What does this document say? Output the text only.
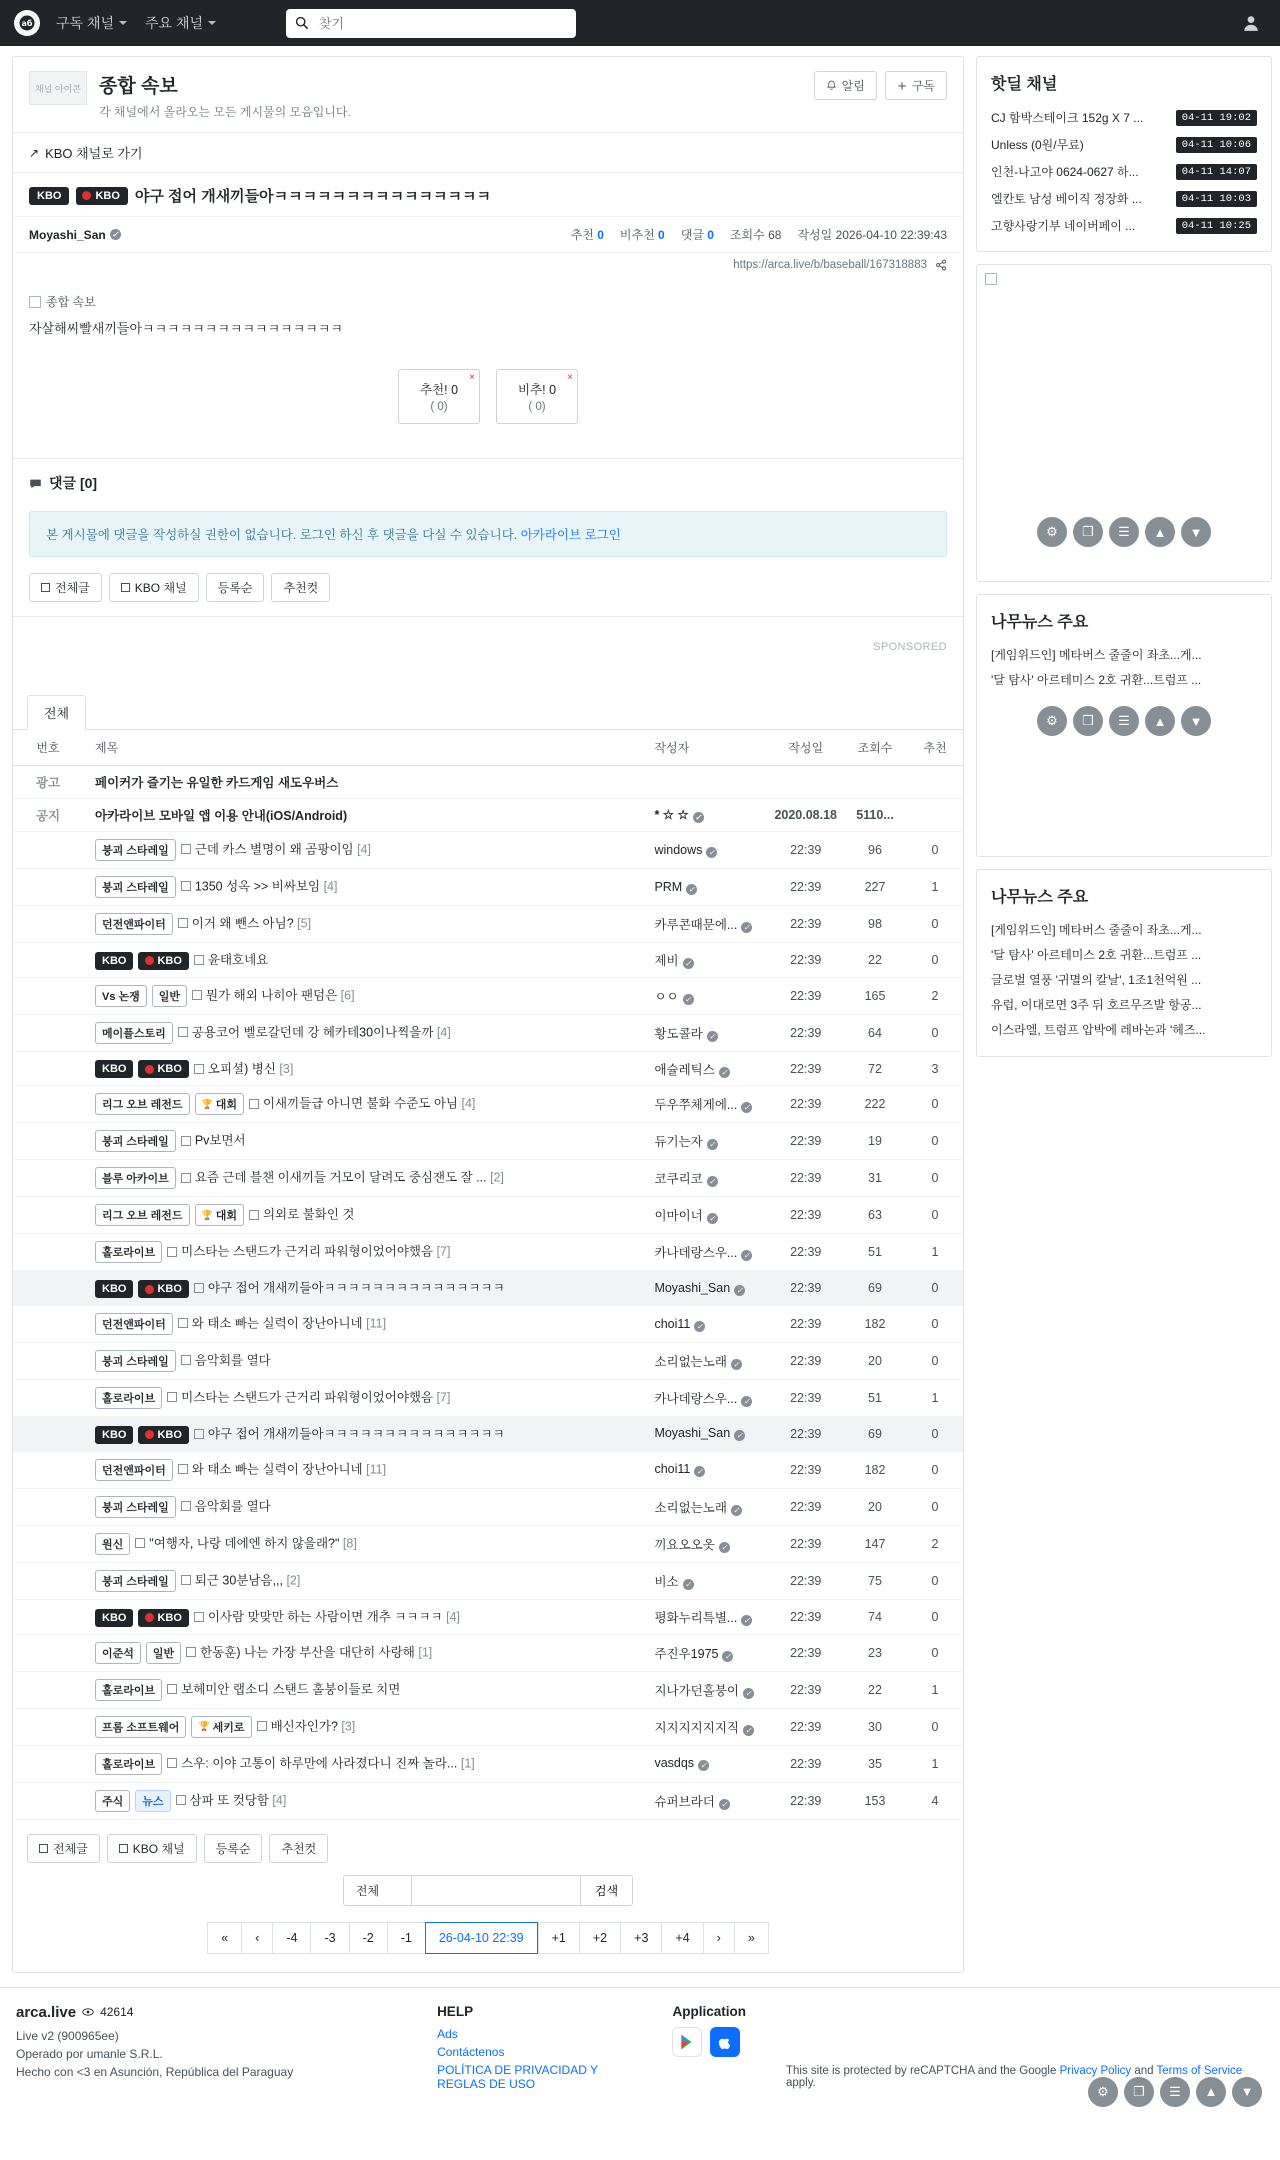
аб 구독 채널 주요 채널
찾기
채널 아이콘 종합 속보
각 채널에서 올라오는 모든 게시물의 모음입니다.
알림	구독
↗ KBO 채널로 가기
KBO	KBO 야구 접어 개새끼들아ㅋㅋㅋㅋㅋㅋㅋㅋㅋㅋㅋㅋㅋㅋㅋ
Moyashi_San ✓	추천 0 비추천 0 댓글 0 조회수 68 작성일 2026-04-10 22:39:43
https://arca.live/b/baseball/167318883
종합 속보
자살해씨빨새끼들아ㅋㅋㅋㅋㅋㅋㅋㅋㅋㅋㅋㅋㅋㅋㅋㅋ
×
추천! 0
( 0)
×
비추! 0
( 0)
댓글 [0]
본 게시물에 댓글을 작성하실 권한이 없습니다. 로그인 하신 후 댓글을 다실 수 있습니다. 아카라이브 로그인
전체글	KBO 채널	등록순	추천컷
SPONSORED
전체
번호	제목	작성자	작성일	조회수	추천
광고	페이커가 즐기는 유일한 카드게임 새도우버스				
공지	아카라이브 모바일 앱 이용 안내(iOS/Android)	* ☆ ☆ ✓	2020.08.18	5110...	

	붕괴 스타레일 근데 카스 별명이 왜 곰팡이임 [4]	windows ✓	22:39	96	0

	붕괴 스타레일 1350 성옥 >> 비싸보임 [4]	PRM ✓	22:39	227	1

	던전앤파이터 이거 왜 뺀스 아님? [5]	카루콘때문에... ✓	22:39	98	0

	KBO KBO 윤태호네요	제비 ✓	22:39	22	0

	Vs 논쟁 일반 뭔가 해외 나히아 팬덤은 [6]	ㅇㅇ ✓	22:39	165	2

	메이플스토리 공용코어 벨로갈던데 강 헤카테30이나찍을까 [4]	황도콜라 ✓	22:39	64	0

	KBO KBO 오피셜) 병신 [3]	애슐레틱스 ✓	22:39	72	3

	리그 오브 레전드 🏆 대회 이새끼들급 아니면 불화 수준도 아님 [4]	두우쭈체게에... ✓	22:39	222	0

	붕괴 스타레일 Pv보면서	듀기는자 ✓	22:39	19	0

	블루 아카이브 요즘 근데 블챈 이새끼들 거모이 달려도 중심잰도 잘 ... [2]	코쿠리코 ✓	22:39	31	0

	리그 오브 레전드 🏆 대회 의외로 불화인 것	이마이너 ✓	22:39	63	0

	홀로라이브 미스타는 스탠드가 근거리 파워형이었어야했음 [7]	카나데랑스우... ✓	22:39	51	1

	KBO KBO 야구 접어 개새끼들아ㅋㅋㅋㅋㅋㅋㅋㅋㅋㅋㅋㅋㅋㅋㅋ	Moyashi_San ✓	22:39	69	0

	던전앤파이터 와 태소 빠는 실력이 장난아니네 [11]	choi11 ✓	22:39	182	0

	붕괴 스타레일 음악회를 열다	소리없는노래 ✓	22:39	20	0

	홀로라이브 미스타는 스탠드가 근거리 파워형이었어야했음 [7]	카나데랑스우... ✓	22:39	51	1

	KBO KBO 야구 접어 개새끼들아ㅋㅋㅋㅋㅋㅋㅋㅋㅋㅋㅋㅋㅋㅋㅋ	Moyashi_San ✓	22:39	69	0

	던전앤파이터 와 태소 빠는 실력이 장난아니네 [11]	choi11 ✓	22:39	182	0

	붕괴 스타레일 음악회를 열다	소리없는노래 ✓	22:39	20	0

	원신 "여행자, 나랑 데에엔 하지 않을래?" [8]	끼요오오옷 ✓	22:39	147	2

	붕괴 스타레일 퇴근 30분남음,,, [2]	비소 ✓	22:39	75	0

	KBO KBO 이사람 맞맞만 하는 사람이면 개추 ㅋㅋㅋㅋ [4]	평화누리특별... ✓	22:39	74	0

	이준석 일반 한동훈) 나는 가장 부산을 대단히 사랑해 [1]	주진우1975 ✓	22:39	23	0

	홀로라이브 보헤미안 랩소디 스탠드 홀붕이들로 치면	지나가던홀붕이 ✓	22:39	22	1

	프롬 소프트웨어 🏆 세키로 배신자인가? [3]	지지지지지지직 ✓	22:39	30	0

	홀로라이브 스우: 이야 고통이 하루만에 사라졌다니 진짜 놀라... [1]	vasdqs ✓	22:39	35	1

	주식 뉴스 삼파 또 컷당함 [4]	슈퍼브라더 ✓	22:39	153	4
전체글	KBO 채널	등록순	추천컷
전체	검색
«	‹	-4	-3	-2	-1	26-04-10 22:39	+1	+2	+3	+4	›	»
핫딜 채널
CJ 함박스테이크 152g X 7 ...	04-11 19:02
Unless (0원/무료)	04-11 10:06
인천-나고야 0624-0627 하...	04-11 14:07
엘칸토 남성 베이직 정장화 ...	04-11 10:03
고향사랑기부 네이버페이 ...	04-11 10:25
⚙	❐	☰	▲	▼
나무뉴스 주요
[게임위드인] 메타버스 줄줄이 좌초...게...
'달 탐사' 아르테미스 2호 귀환...트럼프 ...
⚙	❐	☰	▲	▼
나무뉴스 주요
[게임위드인] 메타버스 줄줄이 좌초...게...
'달 탐사' 아르테미스 2호 귀환...트럼프 ...
글로벌 열풍 '귀멸의 칼날', 1조1천억원 ...
유럽, 이대로면 3주 뒤 호르무즈발 항공...
이스라엘, 트럼프 압박에 레바논과 '헤즈...
arca.live 42614

Live v2 (900965ee)

Operado por umanle S.R.L.

Hecho con <3 en Asunción, República del Paraguay

HELP
Ads
Contáctenos
POLÍTICA DE PRIVACIDAD Y REGLAS DE USO
Application
This site is protected by reCAPTCHA and the Google Privacy Policy and Terms of Service apply.
⚙	❐	☰	▲	▼
